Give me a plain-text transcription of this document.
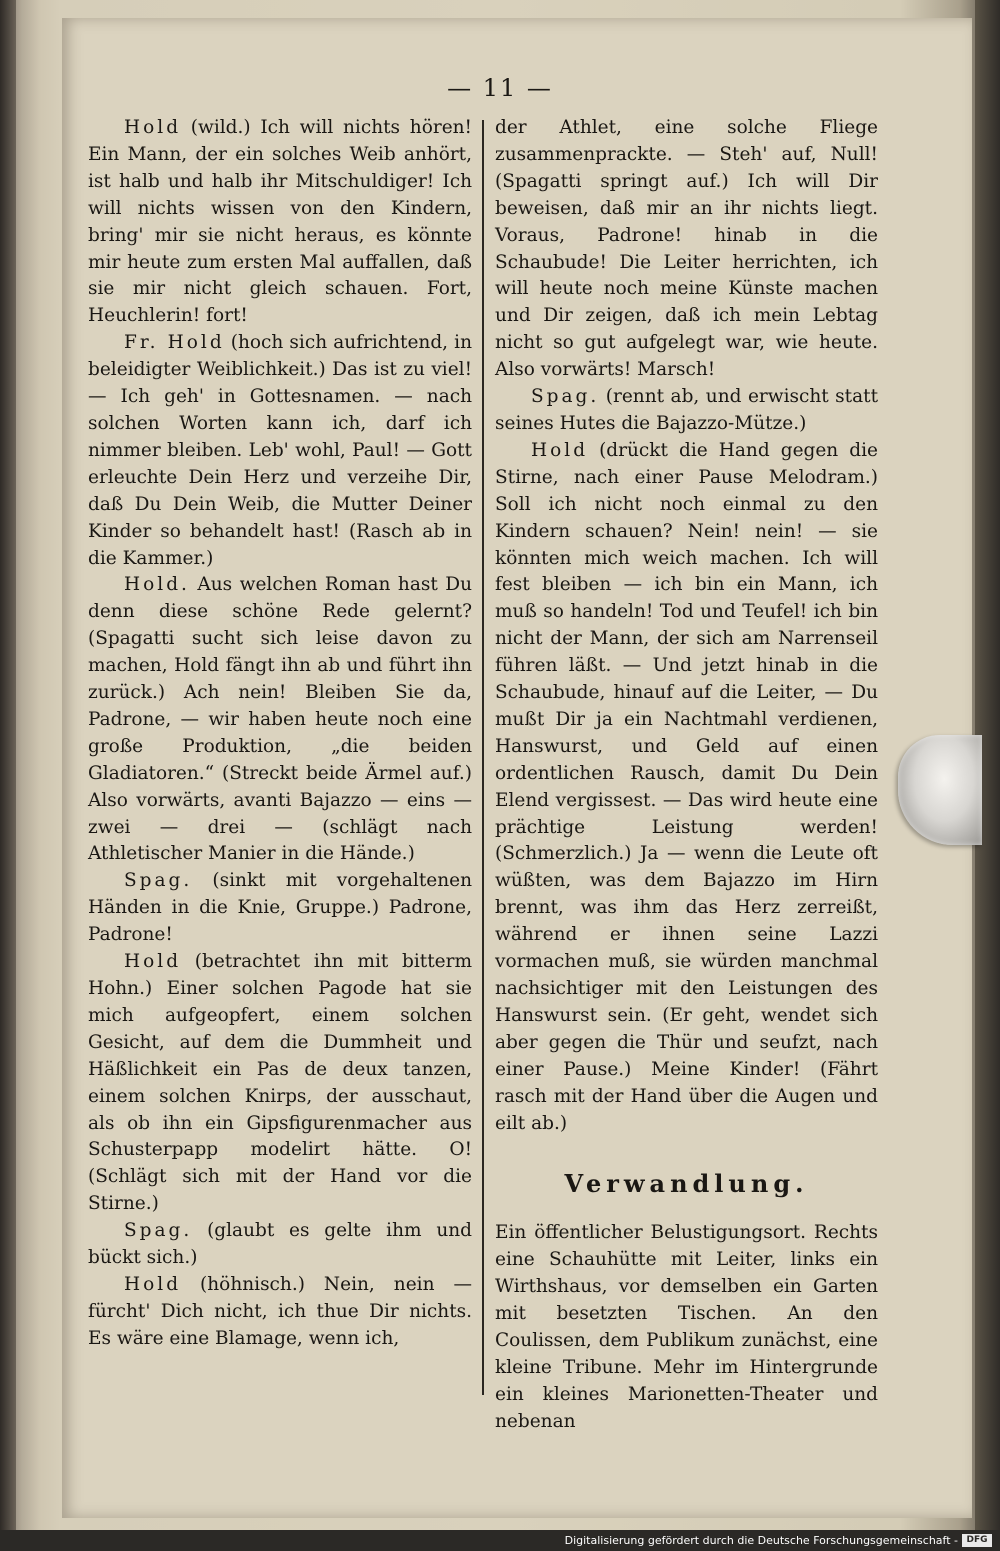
— 11 —

Hold (wild.) Ich will nichts hören! Ein Mann, der ein solches Weib anhört, ist halb und halb ihr Mitschuldiger! Ich will nichts wissen von den Kindern, bring' mir sie nicht heraus, es könnte mir heute zum ersten Mal auffallen, daß sie mir nicht gleich schauen. Fort, Heuchlerin! fort!

Fr. Hold (hoch sich aufrichtend, in beleidigter Weiblichkeit.) Das ist zu viel! — Ich geh' in Gottesnamen. — nach solchen Worten kann ich, darf ich nimmer bleiben. Leb' wohl, Paul! — Gott erleuchte Dein Herz und verzeihe Dir, daß Du Dein Weib, die Mutter Deiner Kinder so behandelt hast! (Rasch ab in die Kammer.)

Hold. Aus welchen Roman hast Du denn diese schöne Rede gelernt? (Spagatti sucht sich leise davon zu machen, Hold fängt ihn ab und führt ihn zurück.) Ach nein! Bleiben Sie da, Padrone, — wir haben heute noch eine große Produktion, „die beiden Gladiatoren.“ (Streckt beide Ärmel auf.) Also vorwärts, avanti Bajazzo — eins — zwei — drei — (schlägt nach Athletischer Manier in die Hände.)

Spag. (sinkt mit vorgehaltenen Händen in die Knie, Gruppe.) Padrone, Padrone!

Hold (betrachtet ihn mit bitterm Hohn.) Einer solchen Pagode hat sie mich aufgeopfert, einem solchen Gesicht, auf dem die Dummheit und Häßlichkeit ein Pas de deux tanzen, einem solchen Knirps, der ausschaut, als ob ihn ein Gipsfigurenmacher aus Schusterpapp modelirt hätte. O! (Schlägt sich mit der Hand vor die Stirne.)

Spag. (glaubt es gelte ihm und bückt sich.)

Hold (höhnisch.) Nein, nein — fürcht' Dich nicht, ich thue Dir nichts. Es wäre eine Blamage, wenn ich,

der Athlet, eine solche Fliege zusammenprackte. — Steh' auf, Null! (Spagatti springt auf.) Ich will Dir beweisen, daß mir an ihr nichts liegt. Voraus, Padrone! hinab in die Schaubude! Die Leiter herrichten, ich will heute noch meine Künste machen und Dir zeigen, daß ich mein Lebtag nicht so gut aufgelegt war, wie heute. Also vorwärts! Marsch!

Spag. (rennt ab, und erwischt statt seines Hutes die Bajazzo-Mütze.)

Hold (drückt die Hand gegen die Stirne, nach einer Pause Melodram.) Soll ich nicht noch einmal zu den Kindern schauen? Nein! nein! — sie könnten mich weich machen. Ich will fest bleiben — ich bin ein Mann, ich muß so handeln! Tod und Teufel! ich bin nicht der Mann, der sich am Narrenseil führen läßt. — Und jetzt hinab in die Schaubude, hinauf auf die Leiter, — Du mußt Dir ja ein Nachtmahl verdienen, Hanswurst, und Geld auf einen ordentlichen Rausch, damit Du Dein Elend vergissest. — Das wird heute eine prächtige Leistung werden! (Schmerzlich.) Ja — wenn die Leute oft wüßten, was dem Bajazzo im Hirn brennt, was ihm das Herz zerreißt, während er ihnen seine Lazzi vormachen muß, sie würden manchmal nachsichtiger mit den Leistungen des Hanswurst sein. (Er geht, wendet sich aber gegen die Thür und seufzt, nach einer Pause.) Meine Kinder! (Fährt rasch mit der Hand über die Augen und eilt ab.)

Verwandlung.

Ein öffentlicher Belustigungsort. Rechts eine Schauhütte mit Leiter, links ein Wirthshaus, vor demselben ein Garten mit besetzten Tischen. An den Coulissen, dem Publikum zunächst, eine kleine Tribune. Mehr im Hintergrunde ein kleines Marionetten-Theater und nebenan

Digitalisierung gefördert durch die Deutsche Forschungsgemeinschaft - DFG
